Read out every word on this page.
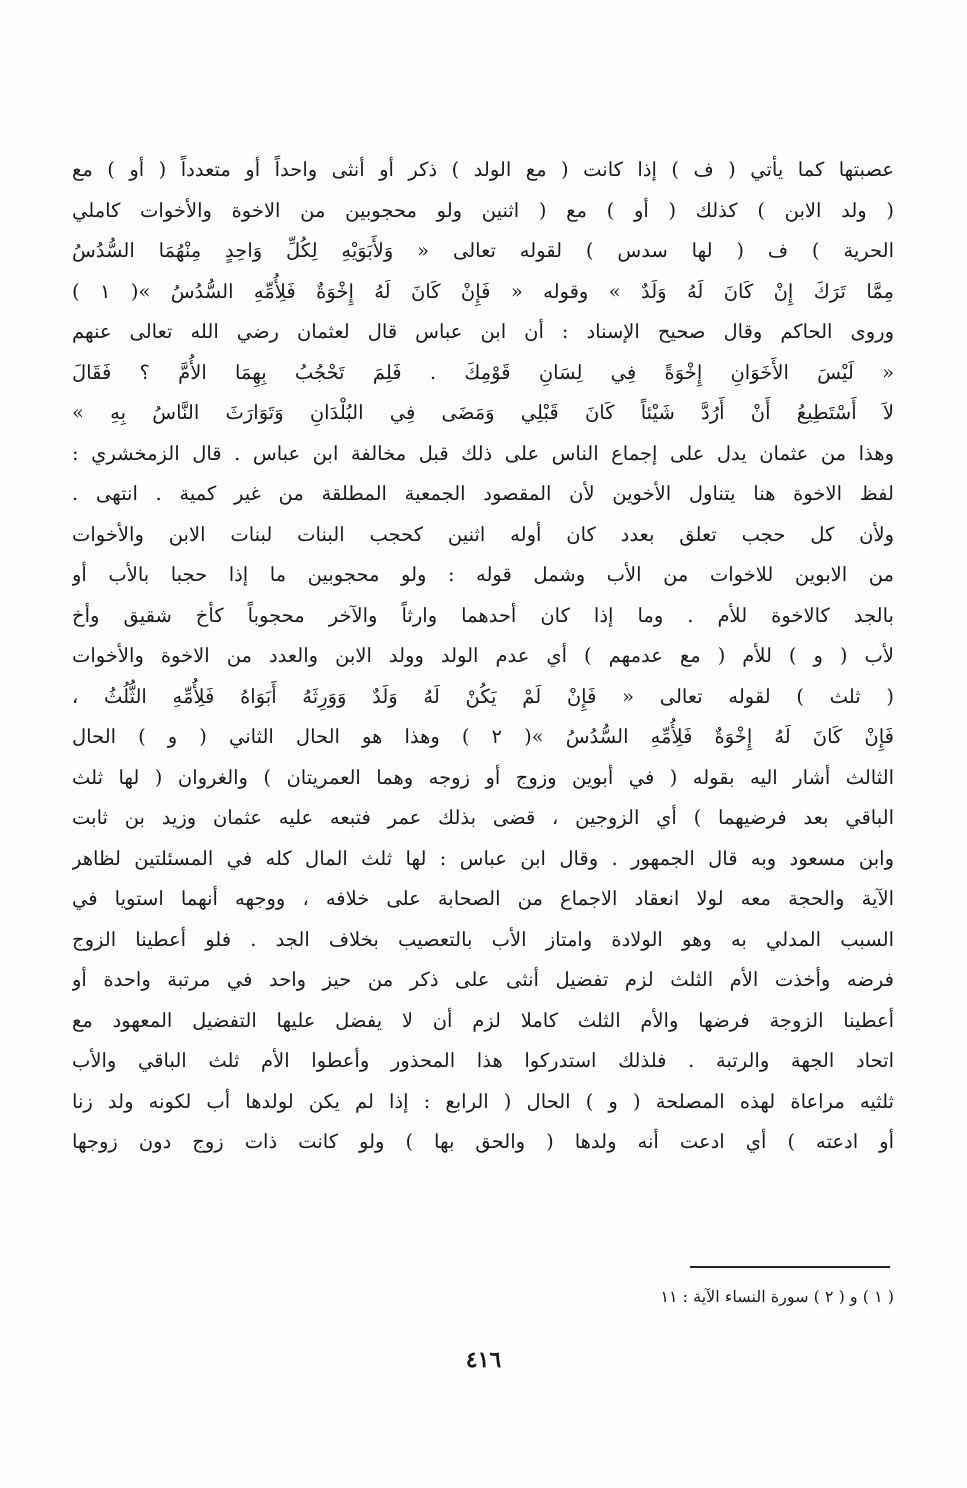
عصبتها كما يأتي ( ف ) إذا كانت ( مع الولد ) ذكر أو أنثى واحداً أو متعدداً ( أو ) مع
( ولد الابن ) كذلك ( أو ) مع ( اثنين ولو محجوبين من الاخوة والأخوات كاملي
الحرية ) ف ( لها سدس ) لقوله تعالى « وَلأَبَوَيْهِ لِكُلِّ وَاحِدٍ مِنْهُمَا السُّدُسُ
مِمَّا تَرَكَ إِنْ كَانَ لَهُ وَلَدٌ » وقوله « فَإِنْ كَانَ لَهُ إِخْوَةٌ فَلِأُمِّهِ السُّدُسُ »( ١ )
وروى الحاكم وقال صحيح الإسناد : أن ابن عباس قال لعثمان رضي الله تعالى عنهم
« لَيْسَ الأَخَوَانِ إِخْوَةً فِي لِسَانِ قَوْمِكَ . فَلِمَ تَحْجُبُ بِهِمَا الأُمَّ ؟ فَقَالَ
لاَ أَسْتَطِيعُ أَنْ أَرُدَّ شَيْئاً كَانَ قَبْلِي وَمَضَى فِي البُلْدَانِ وَتَوَارَثَ النَّاسُ بِهِ »
وهذا من عثمان يدل على إجماع الناس على ذلك قبل مخالفة ابن عباس . قال الزمخشري :
لفظ الاخوة هنا يتناول الأخوين لأن المقصود الجمعية المطلقة من غير كمية . انتهى .
ولأن كل حجب تعلق بعدد كان أوله اثنين كحجب البنات لبنات الابن والأخوات
من الابوين للاخوات من الأب وشمل قوله : ولو محجوبين ما إذا حجبا بالأب أو
بالجد كالاخوة للأم . وما إذا كان أحدهما وارثاً والآخر محجوباً كأخ شقيق وأخ
لأب ( و ) للأم ( مع عدمهم ) أي عدم الولد وولد الابن والعدد من الاخوة والأخوات
( ثلث ) لقوله تعالى « فَإِنْ لَمْ يَكُنْ لَهُ وَلَدٌ وَوَرِثَهُ أَبَوَاهُ فَلِأُمِّهِ الثُّلُثُ ،
فَإِنْ كَانَ لَهُ إِخْوَةٌ فَلِأُمِّهِ السُّدُسُ »( ٢ ) وهذا هو الحال الثاني ( و ) الحال
الثالث أشار اليه بقوله ( في أبوين وزوج أو زوجه وهما العمريتان ) والغروان ( لها ثلث
الباقي بعد فرضيهما ) أي الزوجين ، قضى بذلك عمر فتبعه عليه عثمان وزيد بن ثابت
وابن مسعود وبه قال الجمهور . وقال ابن عباس : لها ثلث المال كله في المسئلتين لظاهر
الآية والحجة معه لولا انعقاد الاجماع من الصحابة على خلافه ، ووجهه أنهما استويا في
السبب المدلي به وهو الولادة وامتاز الأب بالتعصيب بخلاف الجد . فلو أعطينا الزوج
فرضه وأخذت الأم الثلث لزم تفضيل أنثى على ذكر من حيز واحد في مرتبة واحدة أو
أعطينا الزوجة فرضها والأم الثلث كاملا لزم أن لا يفضل عليها التفضيل المعهود مع
اتحاد الجهة والرتبة . فلذلك استدركوا هذا المحذور وأعطوا الأم ثلث الباقي والأب
ثلثيه مراعاة لهذه المصلحة ( و ) الحال ( الرابع : إذا لم يكن لولدها أب لكونه ولد زنا
أو ادعته ) أي ادعت أنه ولدها ( والحق بها ) ولو كانت ذات زوج دون زوجها
( ١ ) و ( ٢ ) سورة النساء الآية : ١١
٤١٦
